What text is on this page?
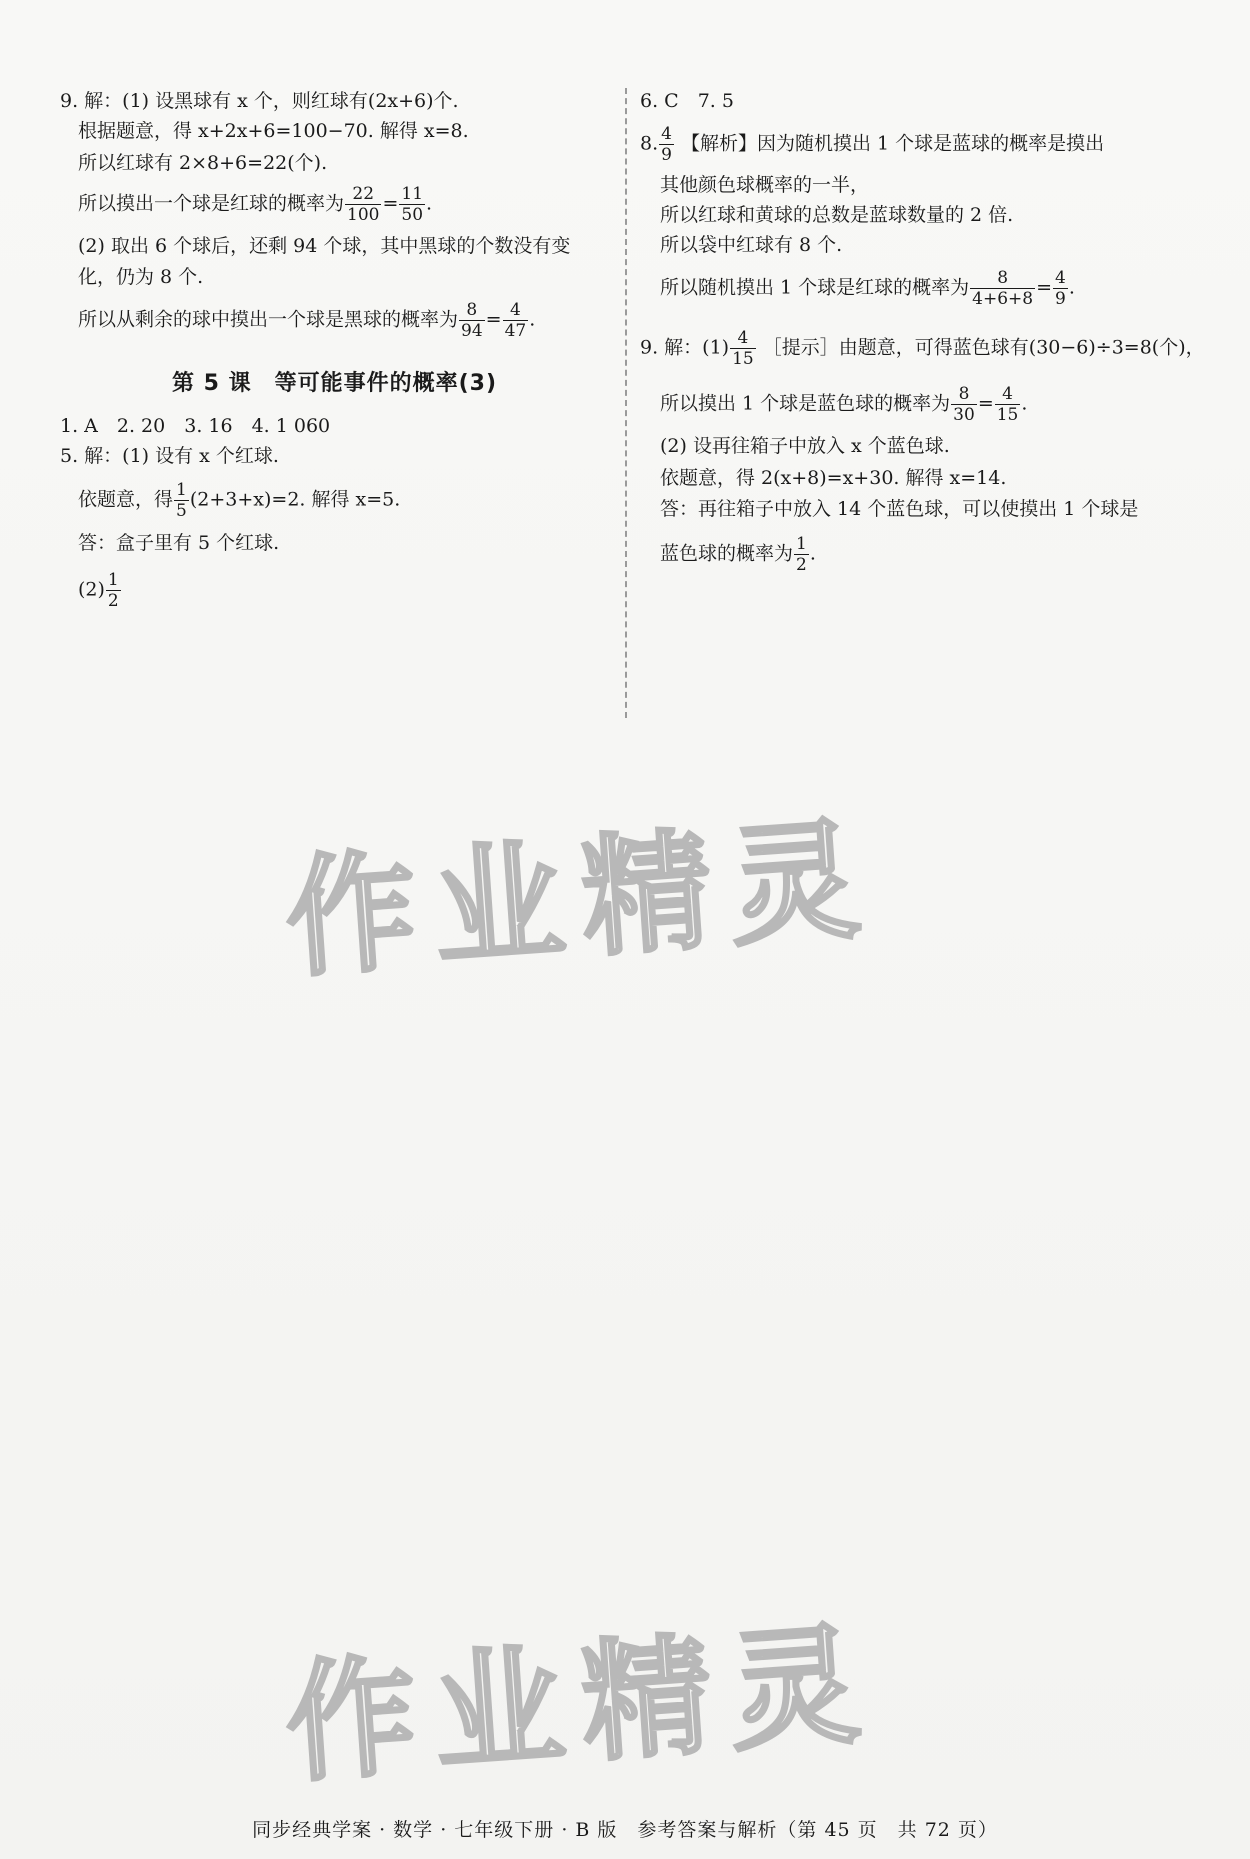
9. 解：(1) 设黑球有 x 个，则红球有(2x+6)个.
根据题意，得 x+2x+6=100−70. 解得 x=8.
所以红球有 2×8+6=22(个).
所以摸出一个球是红球的概率为 $\frac{22}{100} = \frac{11}{50}$ .
(2) 取出 6 个球后，还剩 94 个球，其中黑球的个数没有变
化，仍为 8 个.
所以从剩余的球中摸出一个球是黑球的概率为 $\frac{8}{94} = \frac{4}{47}$ .
第 5 课　等可能事件的概率(3)
1. A　2. 20　3. 16　4. 1 060
5. 解：(1) 设有 x 个红球.
依题意，得 $\frac{1}{5} (2+3+x)=2$. 解得 x=5.
答：盒子里有 5 个红球.
$(2) \frac{1}{2}$
6. C　7. 5
8. $\frac{4}{9}$ 【解析】因为随机摸出 1 个球是蓝球的概率是摸出
其他颜色球概率的一半，
所以红球和黄球的总数是蓝球数量的 2 倍.
所以袋中红球有 8 个.
所以随机摸出 1 个球是红球的概率为 $\frac{8}{4+6+8} = \frac{4}{9}$ .
9. 解：$(1) \frac{4}{15}$ ［提示］由题意，可得蓝色球有(30−6)÷3=8(个)，
所以摸出 1 个球是蓝色球的概率为 $\frac{8}{30} = \frac{4}{15}$ .
(2) 设再往箱子中放入 x 个蓝色球.
依题意，得 2(x+8)=x+30. 解得 x=14.
答：再往箱子中放入 14 个蓝色球，可以使摸出 1 个球是
蓝色球的概率为 $\frac{1}{2}$ .
作业精灵
作业精灵
同步经典学案 · 数学 · 七年级下册 · B 版　参考答案与解析（第 45 页　共 72 页）
